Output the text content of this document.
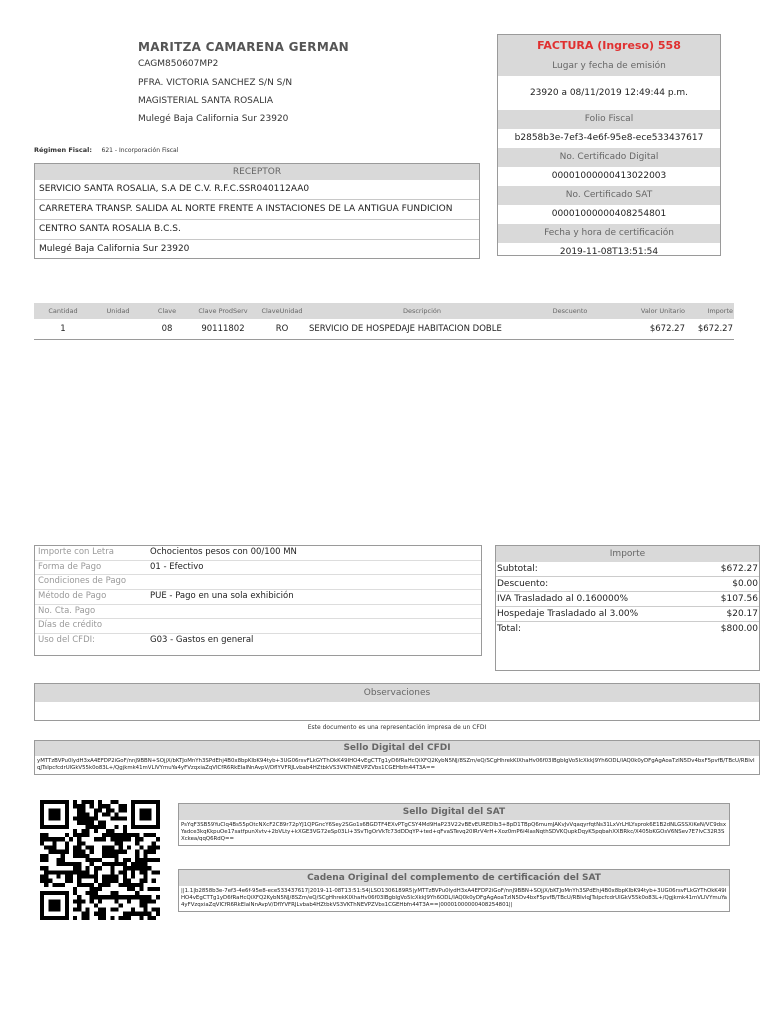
MARITZA CAMARENA GERMAN
CAGM850607MP2
PFRA. VICTORIA SANCHEZ S/N S/N
MAGISTERIAL SANTA ROSALIA
Mulegé Baja California Sur 23920
Régimen Fiscal: 621 - Incorporación Fiscal
FACTURA (Ingreso) 558
Lugar y fecha de emisión
23920 a 08/11/2019 12:49:44 p.m.
Folio Fiscal
b2858b3e-7ef3-4e6f-95e8-ece533437617
No. Certificado Digital
00001000000413022003
No. Certificado SAT
00001000000408254801
Fecha y hora de certificación
2019-11-08T13:51:54
RECEPTOR
SERVICIO SANTA ROSALIA, S.A DE C.V. R.F.C.SSR040112AA0
CARRETERA TRANSP. SALIDA AL NORTE FRENTE A INSTACIONES DE LA ANTIGUA FUNDICION
CENTRO SANTA ROSALIA B.C.S.
Mulegé Baja California Sur 23920
Cantidad	Unidad	Clave	Clave ProdServ	ClaveUnidad	Descripción	Descuento	Valor Unitario	Importe
1		08	90111802	RO	SERVICIO DE HOSPEDAJE HABITACION DOBLE		$672.27	$672.27
Importe con Letra	Ochocientos pesos con 00/100 MN
Forma de Pago	01 - Efectivo
Condiciones de Pago
Método de Pago	PUE - Pago en una sola exhibición
No. Cta. Pago
Días de crédito
Uso del CFDI:	G03 - Gastos en general
Importe
Subtotal:	$672.27
Descuento:	$0.00
IVA Trasladado al 0.160000%	$107.56
Hospedaje Trasladado al 3.00%	$20.17
Total:	$800.00
Observaciones
Este documento es una representación impresa de un CFDI
Sello Digital del CFDI
yMTTzBVPu0lydH3xA4EFDP2iGoF/nnJ9BBN+SOjjX/bKTJoMnYh3SPdEhj4B0x8bpKIbK94tyb+3UG06rsvFLkGYThOkK49IHO4vEgCTTg1yD6fRaHcQiXFQ2KybN5NJ/8SZm/eQ/SCgHhrekKIXhaHv06f03lBgbIgVo5IcXkkJ9Yh6ODL/IAQ0k0yDFgAgAoaTzIN5Dv4bxF5pvfB/TBcU/RBIvIqJTsIpcfcdrUlGkV55k0o83L+/Qgjkmk41mVLlVYmuYa4yFVzqxiaZqVICfR6RkEIalNnAvpV/DflYVFRJLvbab4HZtbkVS3VKThNEVPZVbs1CGEHbfn44T3A==
Sello Digital del SAT
PsYqF3SB59YuClq4Bs55pOtcNXcF2C89r72pYJ1QPGncY6Sey2SGo1s6BGDTF4EXvPTgCSY4Md9HaP23V22vBEvEUREDlb3+8pD1TBpQ6mumJAKvJvVqaqyrfqtNs31LxVrLHLYsprok6E1B2dNLGSSXiKeN/VC9dsxYadce3kqKkpuOe17satfpunXvtv+2bVLty+kXGE3VG72eSp03LI+3SvTlgOrVkTc73dDDqYP+ted+qFvaSTevq20IRrV4rH+Xoz0mP6i4lasNqthSDVKQupkDqyK5pqbahXXBRkc/X405bKGOsV6NSev7E7lvC32R3SXckea/qqQ6RdQ==
Cadena Original del complemento de certificación del SAT
||1.1|b2858b3e-7ef3-4e6f-95e8-ece533437617|2019-11-08T13:51:54|LSO1306189R5|yMTTzBVPu0lydH3xA4EFDP2iGoF/nnJ9BBN+SOjjX/bKTJoMnYh3SPdEhj4B0x8bpKIbK94tyb+3UG06rsvFLkGYThOkK49IHO4vEgCTTg1yD6fRaHcQiXFQ2KybN5NJ/8SZm/eQ/SCgHhrekKIXhaHv06f03lBgbIgVo5IcXkkJ9Yh6ODL/IAQ0k0yDFgAgAoaTzIN5Dv4bxF5pvfB/TBcU/RBIvIqJTsIpcfcdrUlGkV55k0o83L+/Qgjkmk41mVLlVYmuYa4yFVzqxiaZqVICfR6RkEIalNnAvpV/DflYVFRJLvbab4HZtbkVS3VKThNEVPZVbs1CGEHbfn44T3A==|00001000000408254801||
